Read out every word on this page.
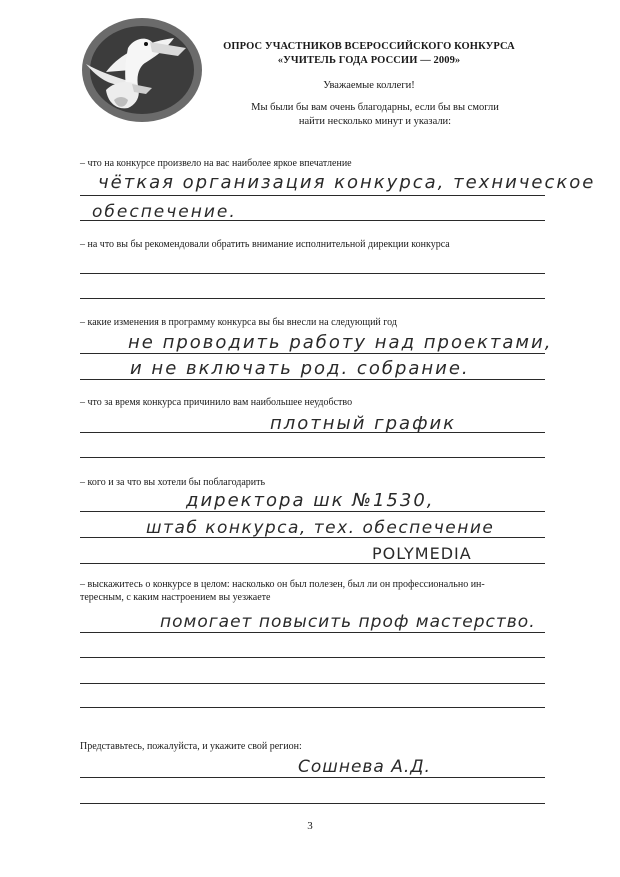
ОПРОС УЧАСТНИКОВ ВСЕРОССИЙСКОГО КОНКУРСА
«УЧИТЕЛЬ ГОДА РОССИИ — 2009»
Уважаемые коллеги!
Мы были бы вам очень благодарны, если бы вы смогли
найти несколько минут и указали:
– что на конкурсе произвело на вас наиболее яркое впечатление
чёткая организация конкурса, техническое
обеспечение.
– на что вы бы рекомендовали обратить внимание исполнительной дирекции конкурса
– какие изменения в программу конкурса вы бы внесли на следующий год
не проводить работу над проектами,
и не включать род. собрание.
– что за время конкурса причинило вам наибольшее неудобство
плотный график
– кого и за что вы хотели бы поблагодарить
директора шк №1530,
штаб конкурса, тех. обеспечение
POLYMEDIA
– выскажитесь о конкурсе в целом: насколько он был полезен, был ли он профессионально ин-
тересным, с каким настроением вы уезжаете
помогает повысить проф мастерство.
Представьтесь, пожалуйста, и укажите свой регион:
Сошнева А.Д.
3
